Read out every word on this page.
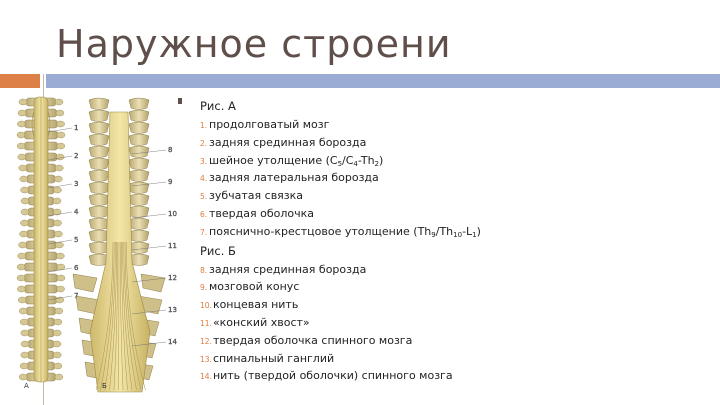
Наружное строени
1
2
3
4
5
6
7
8
9
10
11
12
13
14
А	Б
Рис. А
1. продолговатый мозг
2. задняя срединная борозда
3. шейное утолщение $(C_5/C_4-Th_2)$
4. задняя латеральная борозда
5. зубчатая связка
6. твердая оболочка
7. пояснично-крестцовое утолщение $(Th_9/Th_{10}-L_1)$
Рис. Б
8. задняя срединная борозда
9. мозговой конус
10.концевая нить
11.«конский хвост»
12.твердая оболочка спинного мозга
13.спинальный ганглий
14.нить (твердой оболочки) спинного мозга
